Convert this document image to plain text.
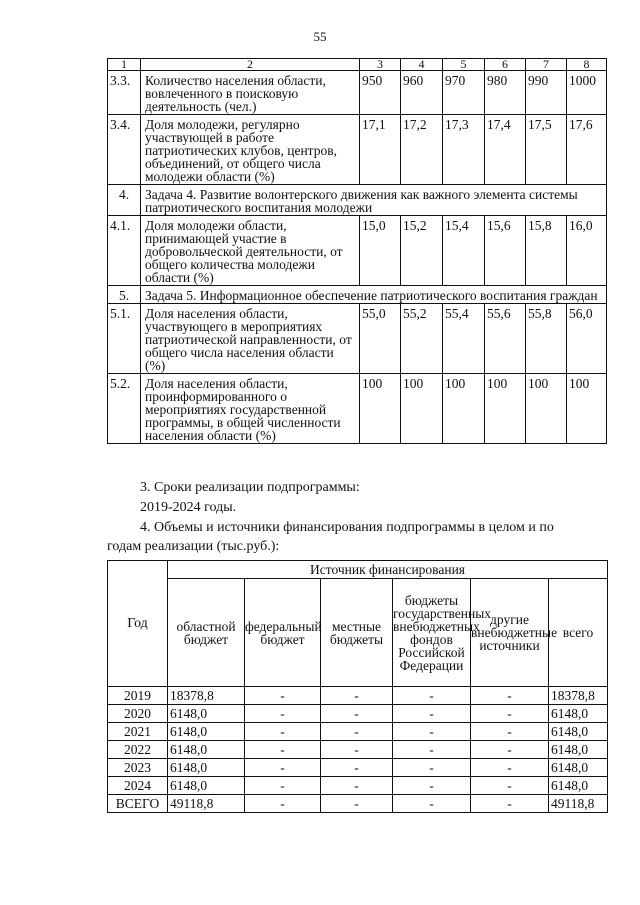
55
1	2	3	4	5	6	7	8
3.3.	Количество населения области, вовлеченного в поисковую деятельность (чел.)	950	960	970	980	990	1000
3.4.	Доля молодежи, регулярно участвующей в работе патриотических клубов, центров, объединений, от общего числа молодежи области (%)	17,1	17,2	17,3	17,4	17,5	17,6
4.	Задача 4. Развитие волонтерского движения как важного элемента системы патриотического воспитания молодежи						
4.1.	Доля молодежи области, принимающей участие в добровольческой деятельности, от общего количества молодежи области (%)	15,0	15,2	15,4	15,6	15,8	16,0
5.	Задача 5. Информационное обеспечение патриотического воспитания граждан						
5.1.	Доля населения области, участвующего в мероприятиях патриотической направленности, от общего числа населения области (%)	55,0	55,2	55,4	55,6	55,8	56,0
5.2.	Доля населения области, проинформированного о мероприятиях государственной программы, в общей численности населения области (%)	100	100	100	100	100	100
3. Сроки реализации подпрограммы:
2019-2024 годы.
4. Объемы и источники финансирования подпрограммы в целом и по
годам реализации (тыс.руб.):
Год	Источник финансирования					
	областной бюджет	федеральный бюджет	местные бюджеты	бюджеты государственных внебюджетных фондов Российской Федерации	другие внебюджетные источники	всего
2019	18378,8	-	-	-	-	18378,8
2020	6148,0	-	-	-	-	6148,0
2021	6148,0	-	-	-	-	6148,0
2022	6148,0	-	-	-	-	6148,0
2023	6148,0	-	-	-	-	6148,0
2024	6148,0	-	-	-	-	6148,0
ВСЕГО	49118,8	-	-	-	-	49118,8
